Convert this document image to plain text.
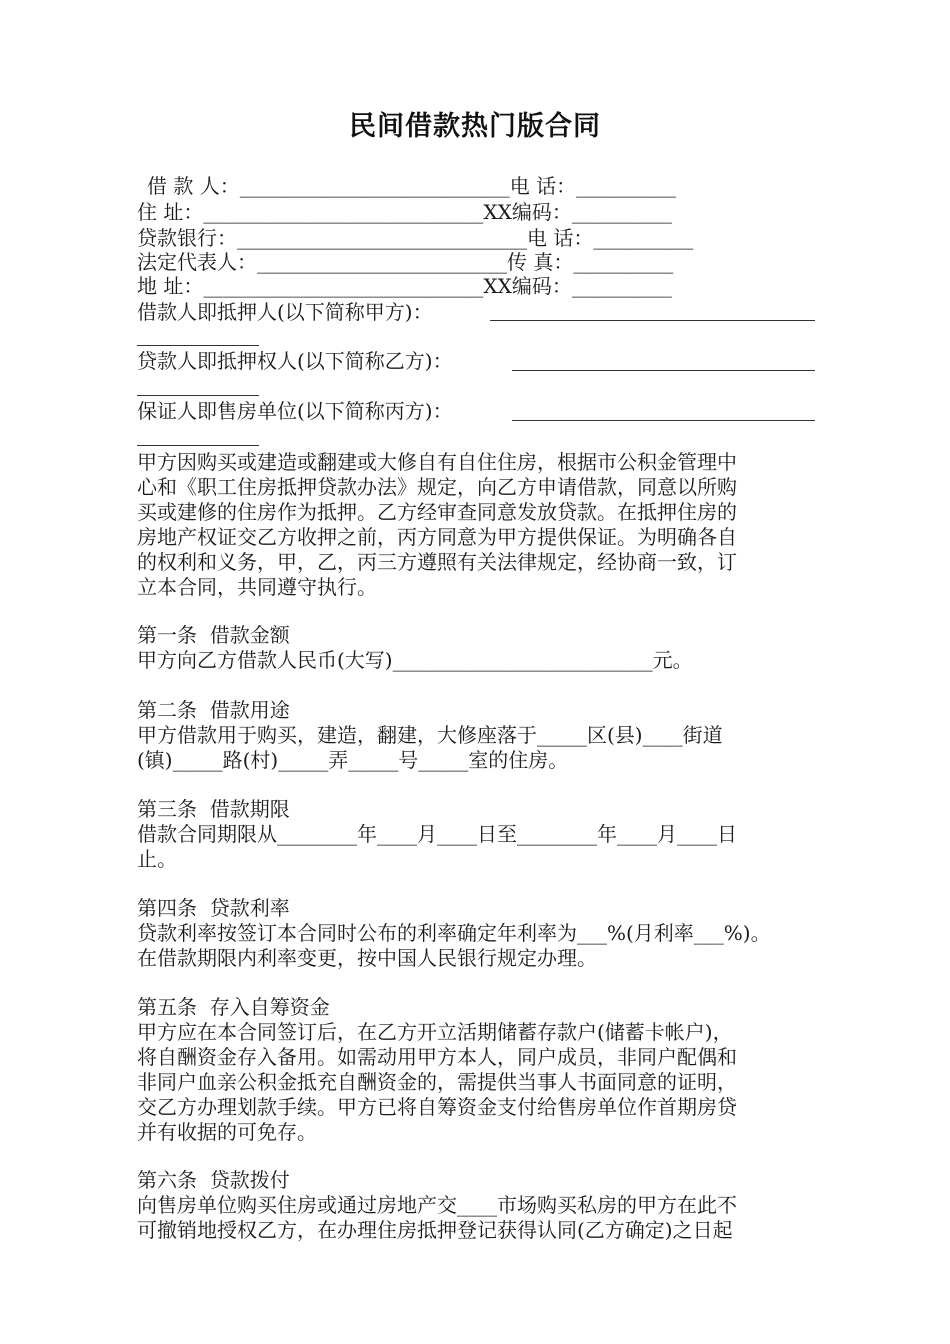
民间借款热门版合同
借 款 人：___________________________电 话：__________
住 址：____________________________XX编码：__________
贷款银行：_____________________________电 话：__________
法定代表人：_________________________传 真：__________
地 址：____________________________XX编码：__________
借款人即抵押人(以下简称甲方)：
贷款人即抵押权人(以下简称乙方)：
保证人即售房单位(以下简称丙方)：
甲方因购买或建造或翻建或大修自有自住住房，根据市公积金管理中
心和《职工住房抵押贷款办法》规定，向乙方申请借款，同意以所购
买或建修的住房作为抵押。乙方经审查同意发放贷款。在抵押住房的
房地产权证交乙方收押之前，丙方同意为甲方提供保证。为明确各自
的权利和义务，甲，乙，丙三方遵照有关法律规定，经协商一致，订
立本合同，共同遵守执行。
第一条  借款金额
甲方向乙方借款人民币(大写)__________________________元。
第二条  借款用途
甲方借款用于购买，建造，翻建，大修座落于_____区(县)____街道
(镇)_____路(村)_____弄_____号_____室的住房。
第三条  借款期限
借款合同期限从________年____月____日至________年____月____日
止。
第四条  贷款利率
贷款利率按签订本合同时公布的利率确定年利率为___%(月利率___%)。
在借款期限内利率变更，按中国人民银行规定办理。
第五条  存入自筹资金
甲方应在本合同签订后，在乙方开立活期储蓄存款户(储蓄卡帐户)，
将自酬资金存入备用。如需动用甲方本人，同户成员，非同户配偶和
非同户血亲公积金抵充自酬资金的，需提供当事人书面同意的证明，
交乙方办理划款手续。甲方已将自筹资金支付给售房单位作首期房贷
并有收据的可免存。
第六条  贷款拨付
向售房单位购买住房或通过房地产交____市场购买私房的甲方在此不
可撤销地授权乙方，在办理住房抵押登记获得认同(乙方确定)之日起
